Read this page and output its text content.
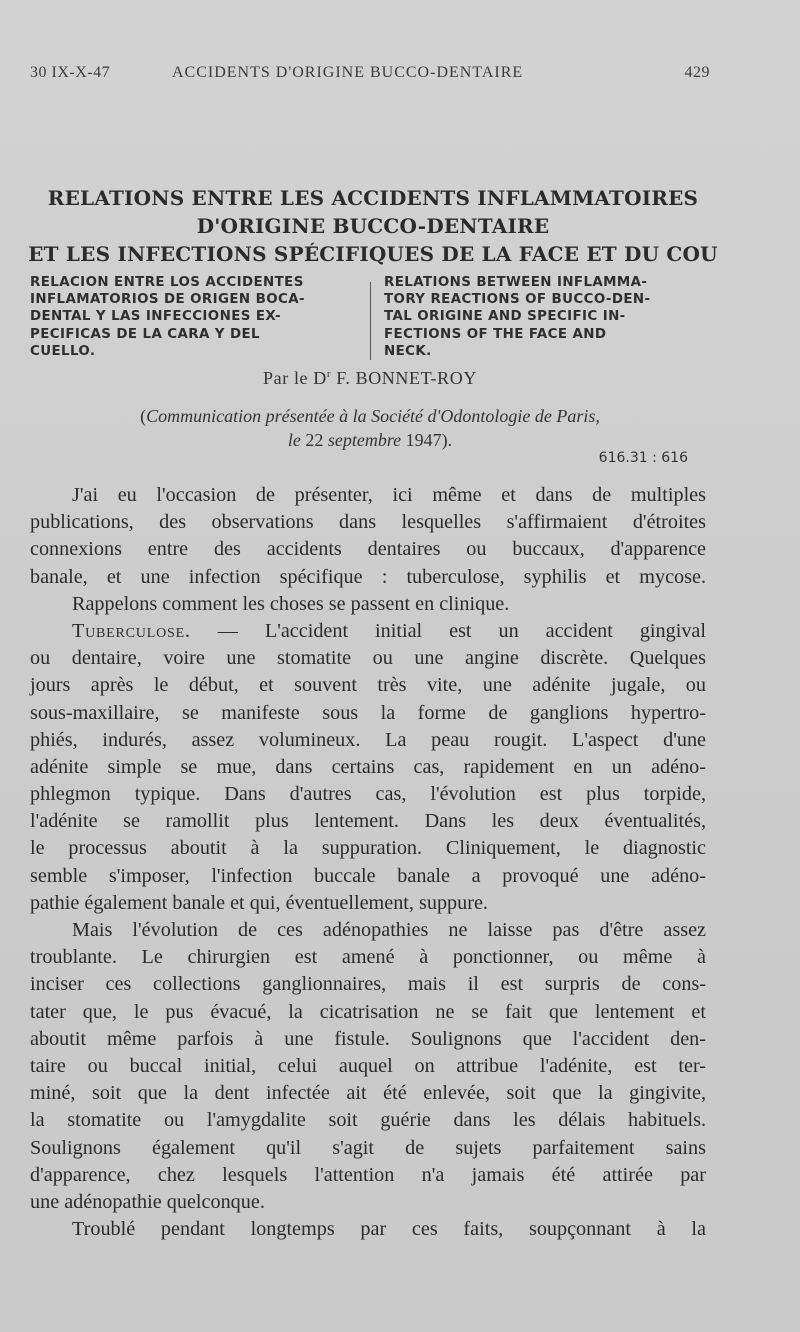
30 IX-X-47	ACCIDENTS D'ORIGINE BUCCO-DENTAIRE	429
RELATIONS ENTRE LES ACCIDENTS INFLAMMATOIRES
D'ORIGINE BUCCO-DENTAIRE
ET LES INFECTIONS SPÉCIFIQUES DE LA FACE ET DU COU
RELACION ENTRE LOS ACCIDENTES
INFLAMATORIOS DE ORIGEN BOCA-
DENTAL Y LAS INFECCIONES EX-
PECIFICAS DE LA CARA Y DEL
CUELLO.
RELATIONS BETWEEN INFLAMMA-
TORY REACTIONS OF BUCCO-DEN-
TAL ORIGINE AND SPECIFIC IN-
FECTIONS OF THE FACE AND
NECK.
Par le $D^r$ F. BONNET-ROY
(Communication présentée à la Société d'Odontologie de Paris,
le 22 septembre 1947).
616.31 : 616
J'ai eu l'occasion de présenter, ici même et dans de multiples
publications, des observations dans lesquelles s'affirmaient d'étroites
connexions entre des accidents dentaires ou buccaux, d'apparence
banale, et une infection spécifique : tuberculose, syphilis et mycose.
Rappelons comment les choses se passent en clinique.
Tuberculose. — L'accident initial est un accident gingival
ou dentaire, voire une stomatite ou une angine discrète. Quelques
jours après le début, et souvent très vite, une adénite jugale, ou
sous-maxillaire, se manifeste sous la forme de ganglions hypertro-
phiés, indurés, assez volumineux. La peau rougit. L'aspect d'une
adénite simple se mue, dans certains cas, rapidement en un adéno-
phlegmon typique. Dans d'autres cas, l'évolution est plus torpide,
l'adénite se ramollit plus lentement. Dans les deux éventualités,
le processus aboutit à la suppuration. Cliniquement, le diagnostic
semble s'imposer, l'infection buccale banale a provoqué une adéno-
pathie également banale et qui, éventuellement, suppure.
Mais l'évolution de ces adénopathies ne laisse pas d'être assez
troublante. Le chirurgien est amené à ponctionner, ou même à
inciser ces collections ganglionnaires, mais il est surpris de cons-
tater que, le pus évacué, la cicatrisation ne se fait que lentement et
aboutit même parfois à une fistule. Soulignons que l'accident den-
taire ou buccal initial, celui auquel on attribue l'adénite, est ter-
miné, soit que la dent infectée ait été enlevée, soit que la gingivite,
la stomatite ou l'amygdalite soit guérie dans les délais habituels.
Soulignons également qu'il s'agit de sujets parfaitement sains
d'apparence, chez lesquels l'attention n'a jamais été attirée par
une adénopathie quelconque.
Troublé pendant longtemps par ces faits, soupçonnant à la
